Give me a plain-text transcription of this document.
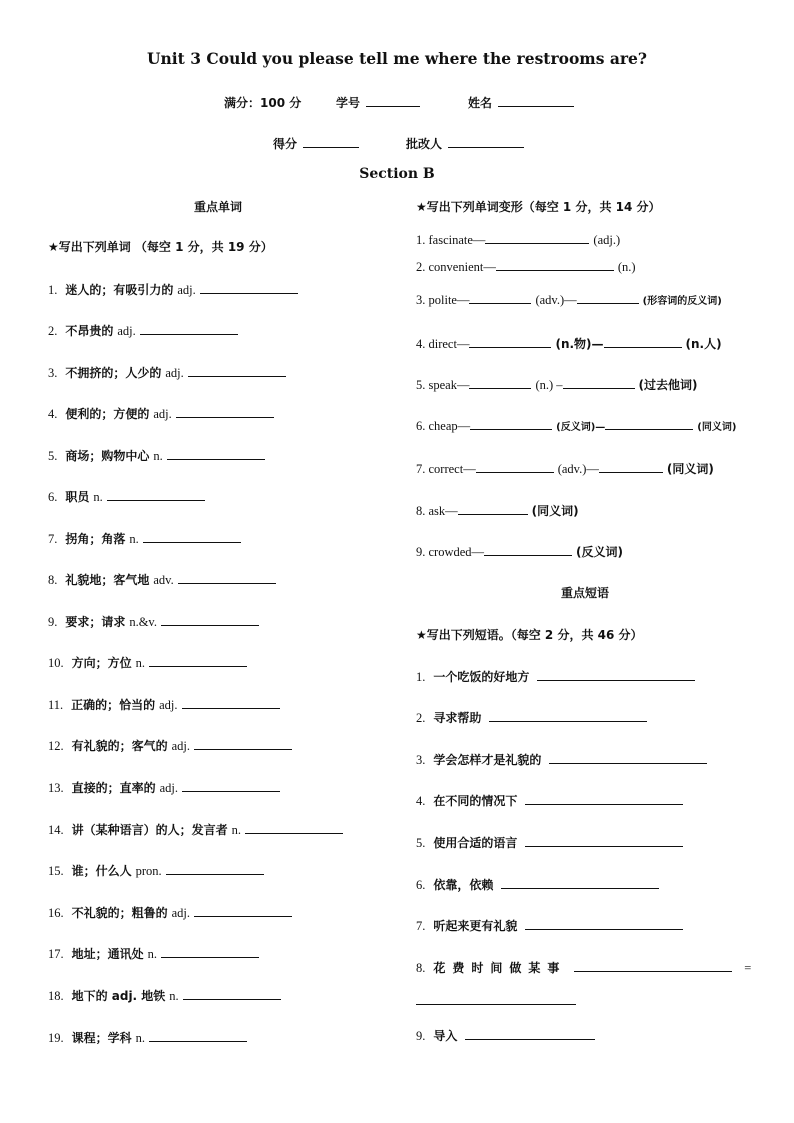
Unit 3 Could you please tell me where the restrooms are?
满分：100 分	学号	姓名
得分	批改人
Section B
重点单词
★写出下列单词 （每空 1 分，共 19 分）
1. 迷人的；有吸引力的 adj.
2. 不昂贵的 adj.
3. 不拥挤的；人少的 adj.
4. 便利的；方便的 adj.
5. 商场；购物中心 n.
6. 职员 n.
7. 拐角；角落 n.
8. 礼貌地；客气地 adv.
9. 要求；请求 n.&v.
10. 方向；方位 n.
11. 正确的；恰当的 adj.
12. 有礼貌的；客气的 adj.
13. 直接的；直率的 adj.
14. 讲（某种语言）的人；发言者 n.
15. 谁；什么人 pron.
16. 不礼貌的；粗鲁的 adj.
17. 地址；通讯处 n.
18. 地下的 adj. 地铁 n.
19. 课程；学科 n.
★写出下列单词变形（每空 1 分，共 14 分）
1. fascinate—	(adj.)
2. convenient—	(n.)
3. polite—	(adv.)—	(形容词的反义词)
4. direct—	(n.物)—	(n.人)
5. speak—	(n.) –	(过去他词)
6. cheap—	(反义词)—	(同义词)
7. correct—	(adv.)—	(同义词)
8. ask—	(同义词)
9. crowded—	(反义词)
重点短语
★写出下列短语。（每空 2 分，共 46 分）
1. 一个吃饭的好地方
2. 寻求帮助
3. 学会怎样才是礼貌的
4. 在不同的情况下
5. 使用合适的语言
6. 依靠，依赖
7. 听起来更有礼貌
8. 花费时间做某事	=
9. 导入
